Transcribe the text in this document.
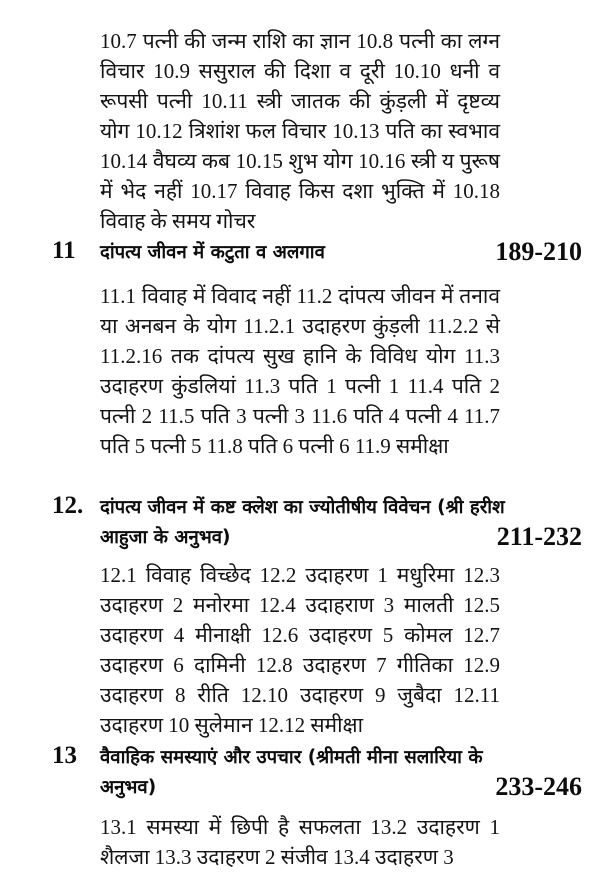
10.7 पत्नी की जन्म राशि का ज्ञान 10.8 पत्नी का लग्न विचार 10.9 ससुराल की दिशा व दूरी 10.10 धनी व रूपसी पत्नी 10.11 स्त्री जातक की कुंड़ली में दृष्टव्य योग 10.12 त्रिशांश फल विचार 10.13 पति का स्वभाव 10.14 वैघव्य कब 10.15 शुभ योग 10.16 स्त्री य पुरूष में भेद नहीं 10.17 विवाह किस दशा भुक्ति में 10.18 विवाह के समय गोचर
11 दांपत्य जीवन में कटुता व अलगाव	189-210
11.1 विवाह में विवाद नहीं 11.2 दांपत्य जीवन में तनाव या अनबन के योग 11.2.1 उदाहरण कुंड़ली 11.2.2 से 11.2.16 तक दांपत्य सुख हानि के विविध योग 11.3 उदाहरण कुंडलियां 11.3 पति 1 पत्नी 1 11.4 पति 2 पत्नी 2 11.5 पति 3 पत्नी 3 11.6 पति 4 पत्नी 4 11.7 पति 5 पत्नी 5 11.8 पति 6 पत्नी 6 11.9 समीक्षा
12. दांपत्य जीवन में कष्ट क्लेश का ज्योतीषीय विवेचन (श्री हरीश आहुजा के अनुभव)	211-232
12.1 विवाह विच्छेद 12.2 उदाहरण 1 मधुरिमा 12.3 उदाहरण 2 मनोरमा 12.4 उदाहराण 3 मालती 12.5 उदाहरण 4 मीनाक्षी 12.6 उदाहरण 5 कोमल 12.7 उदाहरण 6 दामिनी 12.8 उदाहरण 7 गीतिका 12.9 उदाहरण 8 रीति 12.10 उदाहरण 9 जुबैदा 12.11 उदाहरण 10 सुलेमान 12.12 समीक्षा
13 वैवाहिक समस्याएं और उपचार (श्रीमती मीना सलारिया के अनुभव)	233-246
13.1 समस्या में छिपी है सफलता 13.2 उदाहरण 1 शैलजा 13.3 उदाहरण 2 संजीव 13.4 उदाहरण 3
